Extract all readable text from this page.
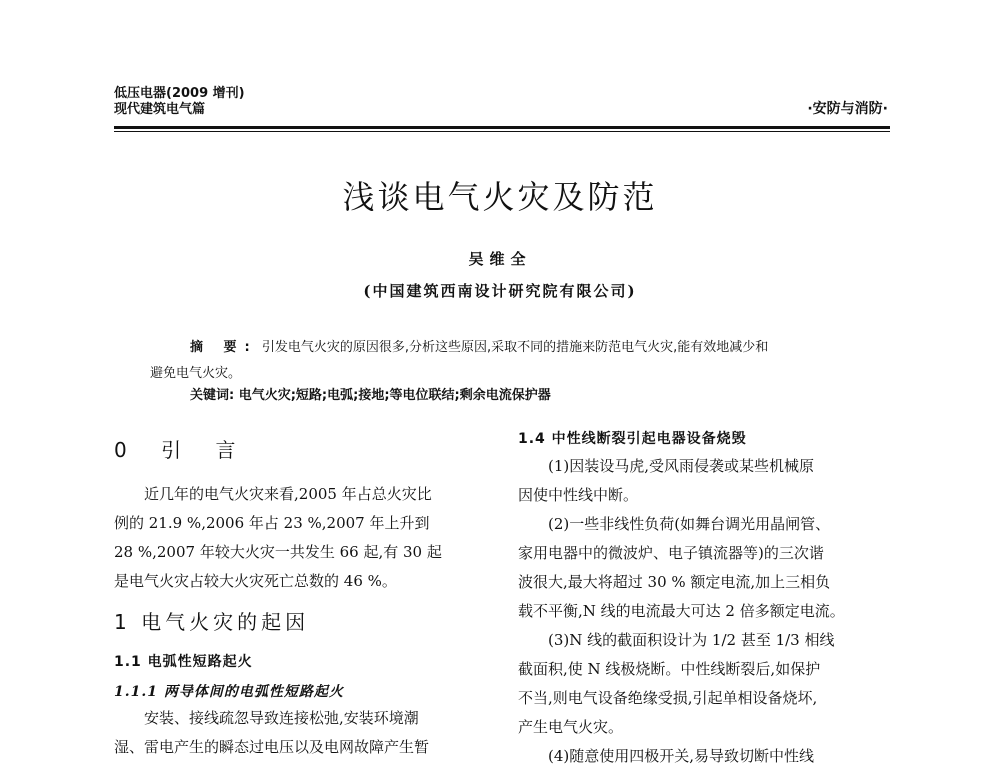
低压电器(2009 增刊)
现代建筑电气篇	·安防与消防·
浅谈电气火灾及防范
吴维全
(中国建筑西南设计研究院有限公司)
摘 要: 引发电气火灾的原因很多,分析这些原因,采取不同的措施来防范电气火灾,能有效地减少和
避免电气火灾。
关键词: 电气火灾;短路;电弧;接地;等电位联结;剩余电流保护器
0 引 言
近几年的电气火灾来看,2005 年占总火灾比
例的 21.9 %,2006 年占 23 %,2007 年上升到
28 %,2007 年较大火灾一共发生 66 起,有 30 起
是电气火灾占较大火灾死亡总数的 46 %。
1 电气火灾的起因
1.1 电弧性短路起火
1.1.1 两导体间的电弧性短路起火
安装、接线疏忽导致连接松弛,安装环境潮
湿、雷电产生的瞬态过电压以及电网故障产生暂
1.4 中性线断裂引起电器设备烧毁
(1)因装设马虎,受风雨侵袭或某些机械原
因使中性线中断。
(2)一些非线性负荷(如舞台调光用晶闸管、
家用电器中的微波炉、电子镇流器等)的三次谐
波很大,最大将超过 30 % 额定电流,加上三相负
载不平衡,N 线的电流最大可达 2 倍多额定电流。
(3)N 线的截面积设计为 1/2 甚至 1/3 相线
截面积,使 N 线极烧断。中性线断裂后,如保护
不当,则电气设备绝缘受损,引起单相设备烧坏,
产生电气火灾。
(4)随意使用四极开关,易导致切断中性线
